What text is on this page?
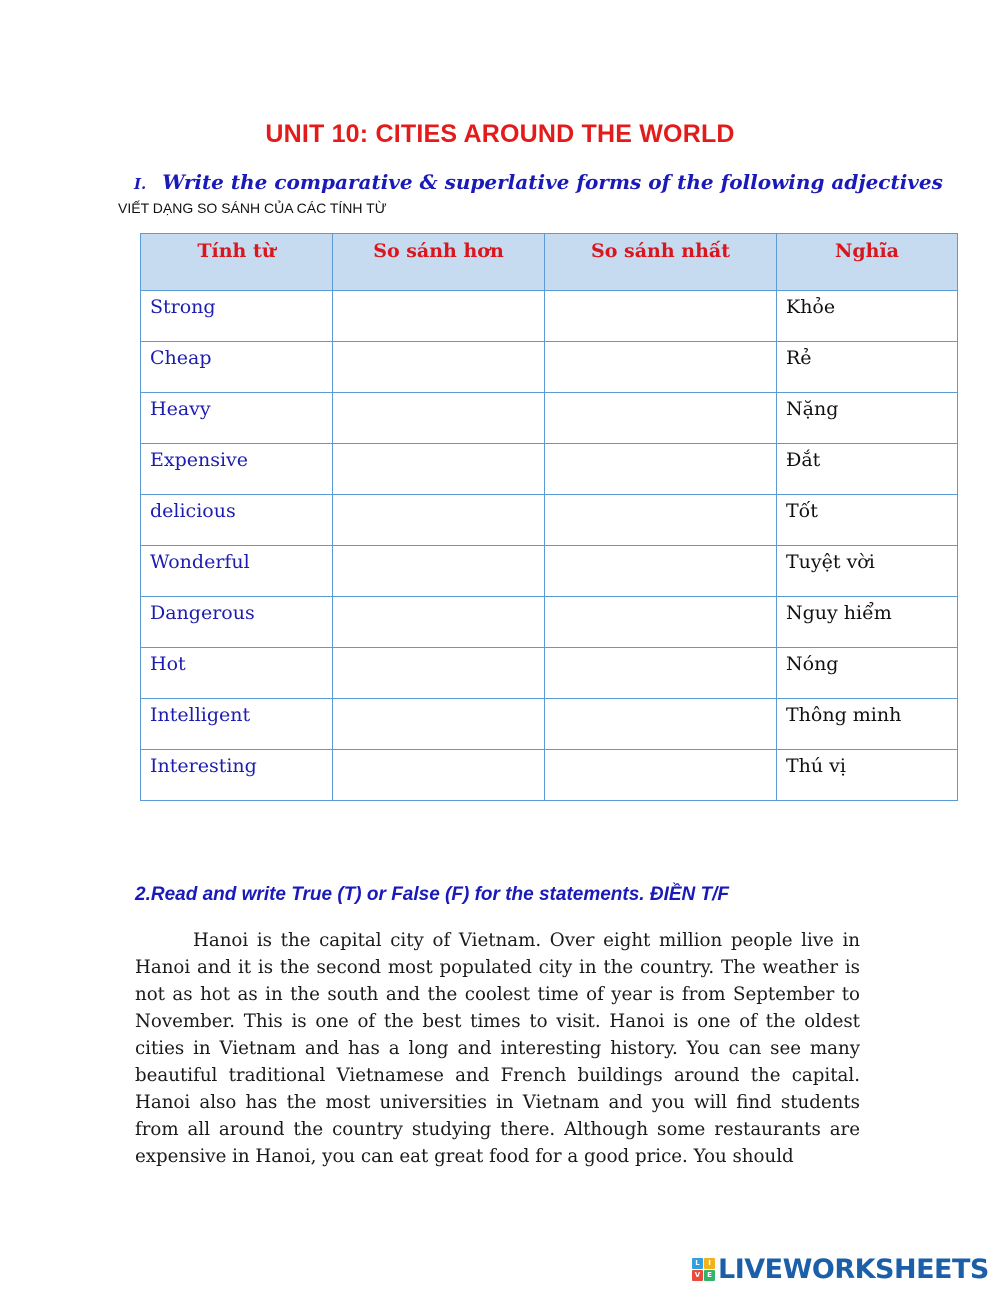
UNIT 10: CITIES AROUND THE WORLD
I. Write the comparative & superlative forms of the following adjectives
VIẾT DẠNG SO SÁNH CỦA CÁC TÍNH TỪ
Tính từ	So sánh hơn	So sánh nhất	Nghĩa
Strong			Khỏe
Cheap			Rẻ
Heavy			Nặng
Expensive			Đắt
delicious			Tốt
Wonderful			Tuyệt vời
Dangerous			Nguy hiểm
Hot			Nóng
Intelligent			Thông minh
Interesting			Thú vị
2.Read and write True (T) or False (F) for the statements. ĐIỀN T/F

Hanoi is the capital city of Vietnam. Over eight million people live in Hanoi and it is the second most populated city in the country. The weather is not as hot as in the south and the coolest time of year is from September to November. This is one of the best times to visit. Hanoi is one of the oldest cities in Vietnam and has a long and interesting history. You can see many beautiful traditional Vietnamese and French buildings around the capital. Hanoi also has the most universities in Vietnam and you will find students from all around the country studying there. Although some restaurants are expensive in Hanoi, you can eat great food for a good price. You should

L	I
V E LIVEWORKSHEETS
